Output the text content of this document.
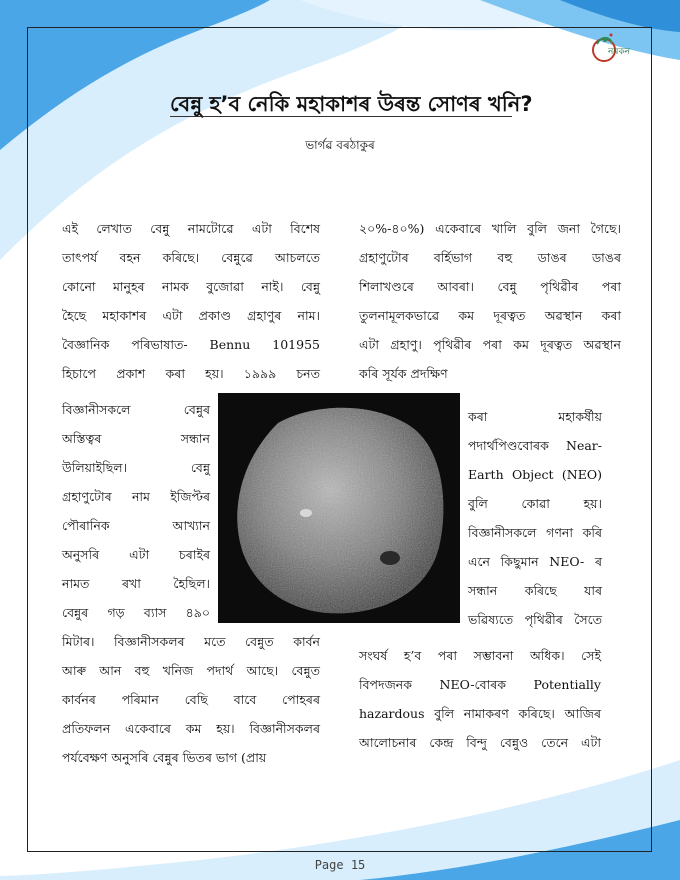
নৰকন
বেন্নু হ’ব নেকি মহাকাশৰ উৰন্ত সোণৰ খনি?
ভাৰ্গৱ বৰঠাকুৰ
এই লেখাত বেন্নু নামটোৱে এটা বিশেষ
তাৎপৰ্য বহন কৰিছে। বেন্নুৱে আচলতে
কোনো মানুহৰ নামক বুজোৱা নাই। বেন্নু
হৈছে মহাকাশৰ এটা প্ৰকাণ্ড গ্ৰহাণুৰ নাম।
বৈজ্ঞানিক পৰিভাষাত- Bennu 101955
হিচাপে প্ৰকাশ কৰা হয়। ১৯৯৯ চনত
বিজ্ঞানীসকলে বেন্নুৰ
অস্তিত্বৰ সন্ধান
উলিয়াইছিল। বেন্নু
গ্ৰহাণুটোৰ নাম ইজিপ্টৰ
পৌৰানিক আখ্যান
অনুসৰি এটা চৰাইৰ
নামত ৰখা হৈছিল।
বেন্নুৰ গড় ব্যাস ৪৯০
মিটাৰ। বিজ্ঞানীসকলৰ মতে বেন্নুত কাৰ্বন
আৰু আন বহু খনিজ পদাৰ্থ আছে। বেন্নুত
কাৰ্বনৰ পৰিমান বেছি বাবে পোহৰৰ
প্ৰতিফলন একেবাৰে কম হয়। বিজ্ঞানীসকলৰ
পৰ্যবেক্ষণ অনুসৰি বেন্নুৰ ভিতৰ ভাগ (প্ৰায়
২০%-৪০%) একেবাৰে খালি বুলি জনা গৈছে।
গ্ৰহাণুটোৰ বৰ্হিভাগ বহু ডাঙৰ ডাঙৰ
শিলাখণ্ডৰে আবৰা। বেন্নু পৃথিৱীৰ পৰা
তুলনামূলকভাৱে কম দূৰত্বত অৱস্থান কৰা
এটা গ্ৰহাণু। পৃথিৱীৰ পৰা কম দূৰত্বত অৱস্থান
কৰি সূৰ্যক প্ৰদক্ষিণ
কৰা মহাকৰ্ষীয়
পদাৰ্থপিণ্ডবোৰক Near-
Earth Object (NEO)
বুলি কোৱা হয়।
বিজ্ঞানীসকলে গণনা কৰি
এনে কিছুমান NEO- ৰ
সন্ধান কৰিছে যাৰ
ভৱিষ্যতে পৃথিৱীৰ সৈতে
সংঘৰ্ষ হ’ব পৰা সম্ভাবনা অধিক। সেই
বিপদজনক NEO-বোৰক Potentially
hazardous বুলি নামাকৰণ কৰিছে। আজিৰ
আলোচনাৰ কেন্দ্ৰ বিন্দু বেন্নুও তেনে এটা
Page 15
